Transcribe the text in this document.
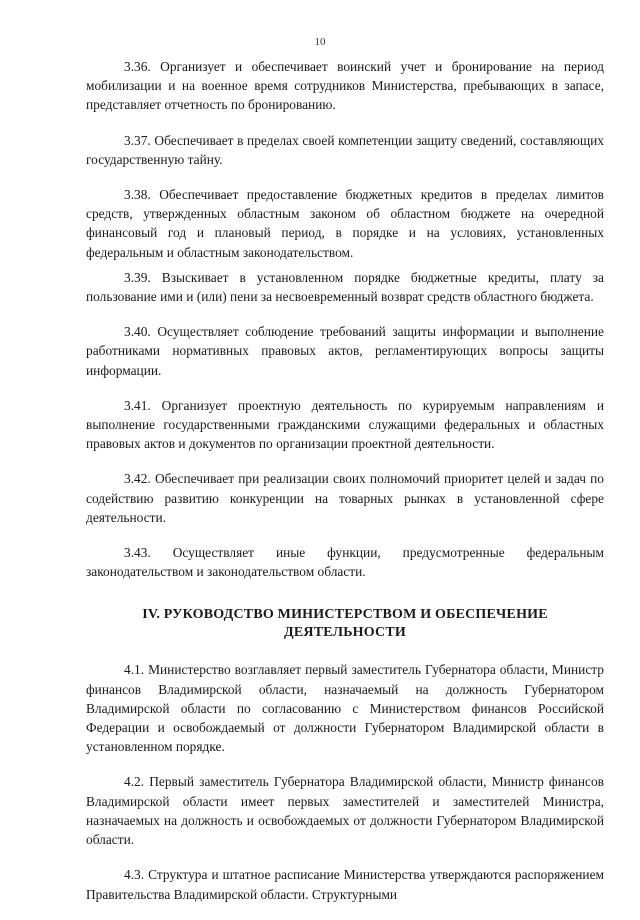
10

3.36. Организует и обеспечивает воинский учет и бронирование на период мобилизации и на военное время сотрудников Министерства, пребывающих в запасе, представляет отчетность по бронированию.

3.37. Обеспечивает в пределах своей компетенции защиту сведений, составляющих государственную тайну.

3.38. Обеспечивает предоставление бюджетных кредитов в пределах лимитов средств, утвержденных областным законом об областном бюджете на очередной финансовый год и плановый период, в порядке и на условиях, установленных федеральным и областным законодательством.

3.39. Взыскивает в установленном порядке бюджетные кредиты, плату за пользование ими и (или) пени за несвоевременный возврат средств областного бюджета.

3.40. Осуществляет соблюдение требований защиты информации и выполнение работниками нормативных правовых актов, регламентирующих вопросы защиты информации.

3.41. Организует проектную деятельность по курируемым направлениям и выполнение государственными гражданскими служащими федеральных и областных правовых актов и документов по организации проектной деятельности.

3.42. Обеспечивает при реализации своих полномочий приоритет целей и задач по содействию развитию конкуренции на товарных рынках в установленной сфере деятельности.

3.43. Осуществляет иные функции, предусмотренные федеральным законодательством и законодательством области.

IV. РУКОВОДСТВО МИНИСТЕРСТВОМ И ОБЕСПЕЧЕНИЕ
ДЕЯТЕЛЬНОСТИ

4.1. Министерство возглавляет первый заместитель Губернатора области, Министр финансов Владимирской области, назначаемый на должность Губернатором Владимирской области по согласованию с Министерством финансов Российской Федерации и освобождаемый от должности Губернатором Владимирской области в установленном порядке.

4.2. Первый заместитель Губернатора Владимирской области, Министр финансов Владимирской области имеет первых заместителей и заместителей Министра, назначаемых на должность и освобождаемых от должности Губернатором Владимирской области.

4.3. Структура и штатное расписание Министерства утверждаются распоряжением Правительства Владимирской области. Структурными
